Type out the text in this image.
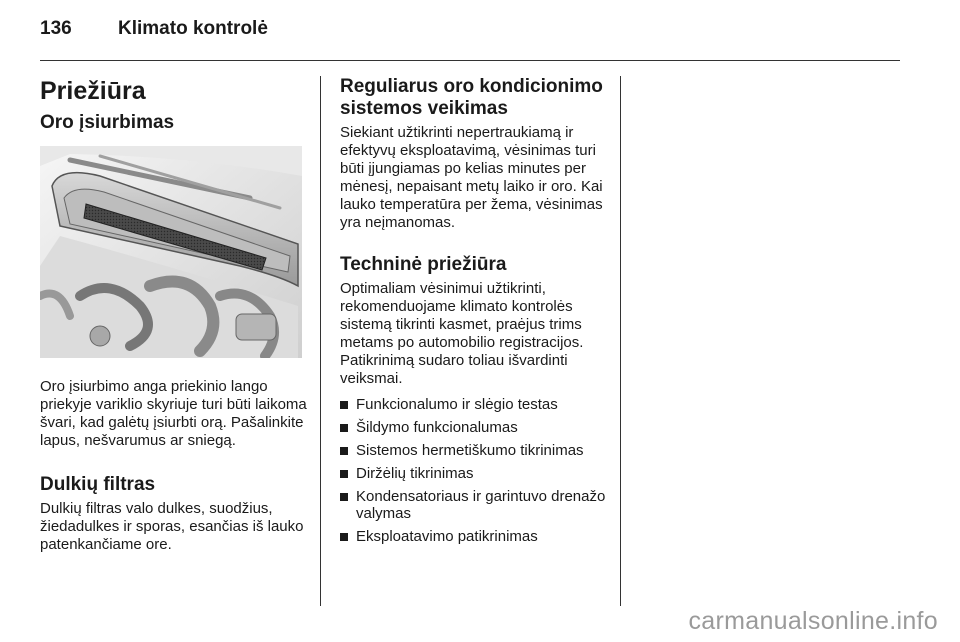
136 Klimato kontrolė
Priežiūra
Oro įsiurbimas

Oro įsiurbimo anga priekinio lango priekyje variklio skyriuje turi būti laikoma švari, kad galėtų įsiurbti orą. Pašalinkite lapus, nešvarumus ar sniegą.

Dulkių filtras

Dulkių filtras valo dulkes, suodžius, žiedadulkes ir sporas, esančias iš lauko patenkančiame ore.

Reguliarus oro kondicionimo sistemos veikimas

Siekiant užtikrinti nepertraukiamą ir efektyvų eksploatavimą, vėsinimas turi būti įjungiamas po kelias minutes per mėnesį, nepaisant metų laiko ir oro. Kai lauko temperatūra per žema, vėsinimas yra neįmanomas.

Techninė priežiūra

Optimaliam vėsinimui užtikrinti, rekomenduojame klimato kontrolės sistemą tikrinti kasmet, praėjus trims metams po automobilio registracijos. Patikrinimą sudaro toliau išvardinti veiksmai.

Funkcionalumo ir slėgio testas
Šildymo funkcionalumas
Sistemos hermetiškumo tikrinimas
Diržėlių tikrinimas
Kondensatoriaus ir garintuvo drenažo valymas
Eksploatavimo patikrinimas
carmanualsonline.info
